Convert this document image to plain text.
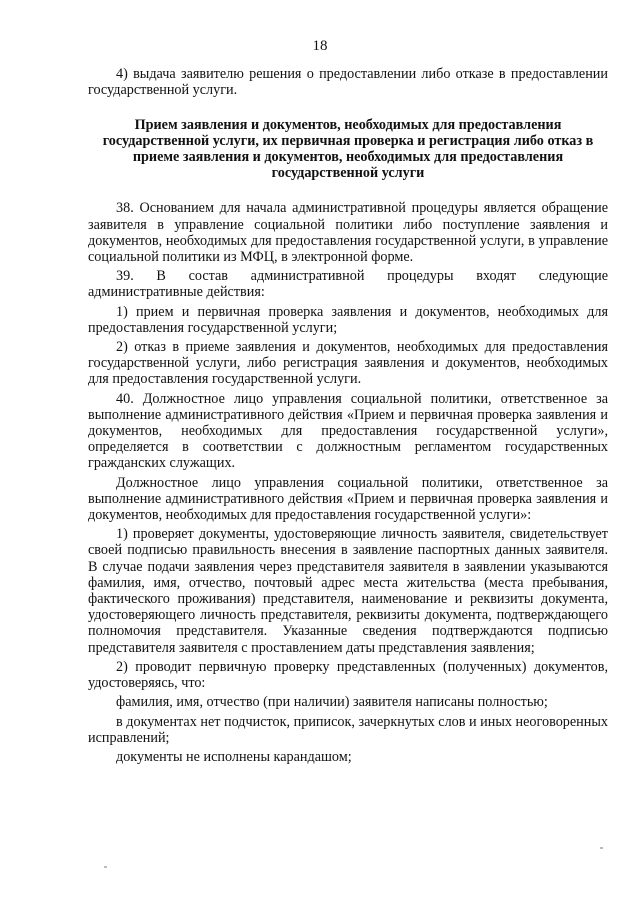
18

4) выдача заявителю решения о предоставлении либо отказе в предоставлении государственной услуги.

Прием заявления и документов, необходимых для предоставления государственной услуги, их первичная проверка и регистрация либо отказ в приеме заявления и документов, необходимых для предоставления государственной услуги

38. Основанием для начала административной процедуры является обращение заявителя в управление социальной политики либо поступление заявления и документов, необходимых для предоставления государственной услуги, в управление социальной политики из МФЦ, в электронной форме.

39. В состав административной процедуры входят следующие административные действия:

1) прием и первичная проверка заявления и документов, необходимых для предоставления государственной услуги;

2) отказ в приеме заявления и документов, необходимых для предоставления государственной услуги, либо регистрация заявления и документов, необходимых для предоставления государственной услуги.

40. Должностное лицо управления социальной политики, ответственное за выполнение административного действия «Прием и первичная проверка заявления и документов, необходимых для предоставления государственной услуги», определяется в соответствии с должностным регламентом государственных гражданских служащих.

Должностное лицо управления социальной политики, ответственное за выполнение административного действия «Прием и первичная проверка заявления и документов, необходимых для предоставления государственной услуги»:

1) проверяет документы, удостоверяющие личность заявителя, свидетельствует своей подписью правильность внесения в заявление паспортных данных заявителя. В случае подачи заявления через представителя заявителя в заявлении указываются фамилия, имя, отчество, почтовый адрес места жительства (места пребывания, фактического проживания) представителя, наименование и реквизиты документа, удостоверяющего личность представителя, реквизиты документа, подтверждающего полномочия представителя. Указанные сведения подтверждаются подписью представителя заявителя с проставлением даты представления заявления;

2) проводит первичную проверку представленных (полученных) документов, удостоверяясь, что:

фамилия, имя, отчество (при наличии) заявителя написаны полностью;

в документах нет подчисток, приписок, зачеркнутых слов и иных неоговоренных исправлений;

документы не исполнены карандашом;
